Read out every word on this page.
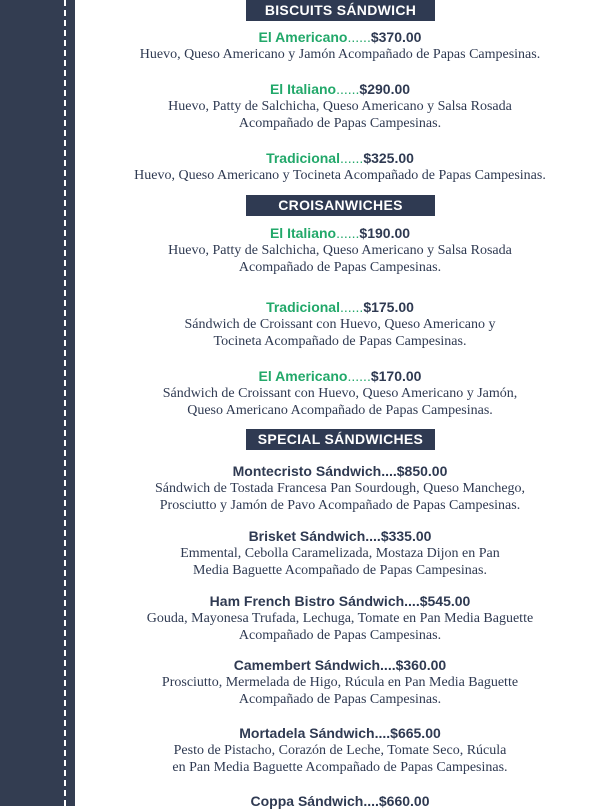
BISCUITS SÁNDWICH
El Americano......$370.00
Huevo, Queso Americano y Jamón Acompañado de Papas Campesinas.
El Italiano......$290.00
Huevo, Patty de Salchicha, Queso Americano y Salsa Rosada
Acompañado de Papas Campesinas.
Tradicional......$325.00
Huevo, Queso Americano y Tocineta Acompañado de Papas Campesinas.
CROISANWICHES
El Italiano......$190.00
Huevo, Patty de Salchicha, Queso Americano y Salsa Rosada
Acompañado de Papas Campesinas.
Tradicional......$175.00
Sándwich de Croissant con Huevo, Queso Americano y
Tocineta Acompañado de Papas Campesinas.
El Americano......$170.00
Sándwich de Croissant con Huevo, Queso Americano y Jamón,
Queso Americano Acompañado de Papas Campesinas.
SPECIAL SÁNDWICHES
Montecristo Sándwich....$850.00
Sándwich de Tostada Francesa Pan Sourdough, Queso Manchego,
Prosciutto y Jamón de Pavo Acompañado de Papas Campesinas.
Brisket Sándwich....$335.00
Emmental, Cebolla Caramelizada, Mostaza Dijon en Pan
Media Baguette Acompañado de Papas Campesinas.
Ham French Bistro Sándwich....$545.00
Gouda, Mayonesa Trufada, Lechuga, Tomate en Pan Media Baguette
Acompañado de Papas Campesinas.
Camembert Sándwich....$360.00
Prosciutto, Mermelada de Higo, Rúcula en Pan Media Baguette
Acompañado de Papas Campesinas.
Mortadela Sándwich....$665.00
Pesto de Pistacho, Corazón de Leche, Tomate Seco, Rúcula
en Pan Media Baguette Acompañado de Papas Campesinas.
Coppa Sándwich....$660.00
